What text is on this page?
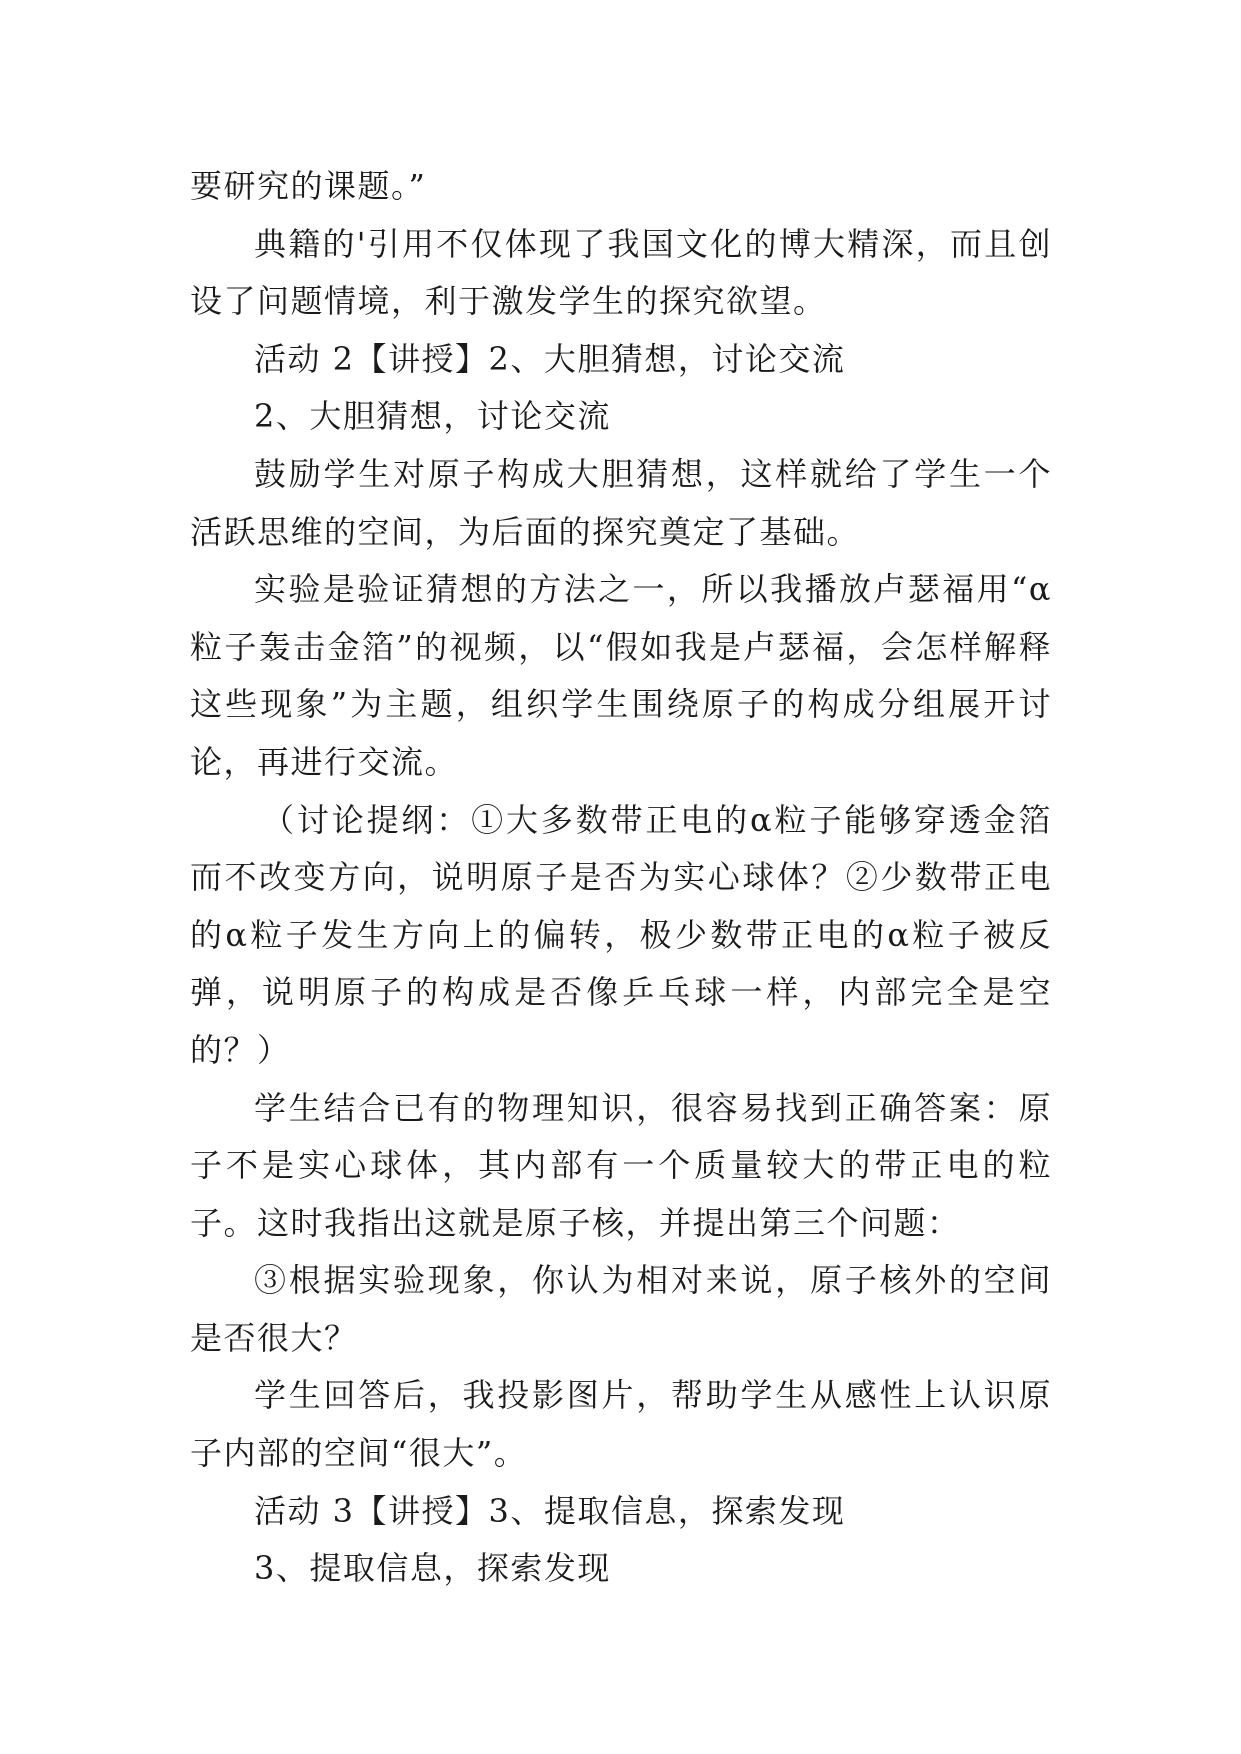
要研究的课题。”

典籍的'引用不仅体现了我国文化的博大精深，而且创设了问题情境，利于激发学生的探究欲望。

活动 2【讲授】2、大胆猜想，讨论交流

2、大胆猜想，讨论交流

鼓励学生对原子构成大胆猜想，这样就给了学生一个活跃思维的空间，为后面的探究奠定了基础。

实验是验证猜想的方法之一，所以我播放卢瑟福用“α粒子轰击金箔”的视频，以“假如我是卢瑟福，会怎样解释这些现象”为主题，组织学生围绕原子的构成分组展开讨论，再进行交流。

（讨论提纲：①大多数带正电的α粒子能够穿透金箔而不改变方向，说明原子是否为实心球体？②少数带正电的α粒子发生方向上的偏转，极少数带正电的α粒子被反弹，说明原子的构成是否像乒乓球一样，内部完全是空的？）

学生结合已有的物理知识，很容易找到正确答案：原子不是实心球体，其内部有一个质量较大的带正电的粒子。这时我指出这就是原子核，并提出第三个问题：

③根据实验现象，你认为相对来说，原子核外的空间是否很大？

学生回答后，我投影图片，帮助学生从感性上认识原子内部的空间“很大”。

活动 3【讲授】3、提取信息，探索发现

3、提取信息，探索发现
